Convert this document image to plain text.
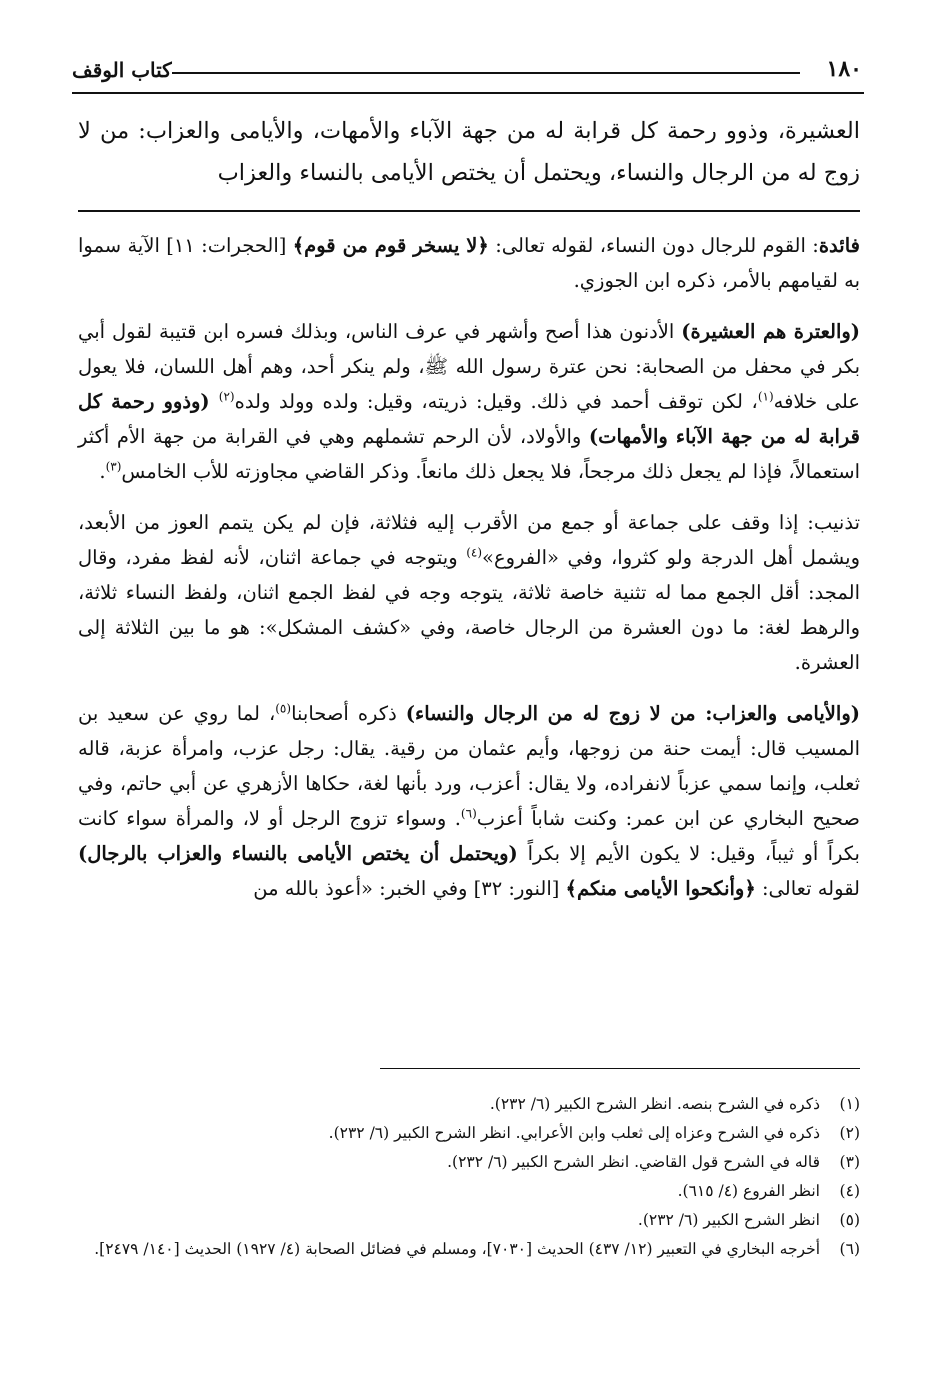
١٨٠
كتاب الوقف
العشيرة، وذوو رحمة كل قرابة له من جهة الآباء والأمهات، والأيامى والعزاب: من لا زوج له من الرجال والنساء، ويحتمل أن يختص الأيامى بالنساء والعزاب

فائدة: القوم للرجال دون النساء، لقوله تعالى: ﴿لا يسخر قوم من قوم﴾ [الحجرات: ١١] الآية سموا به لقيامهم بالأمر، ذكره ابن الجوزي.

(والعترة هم العشيرة) الأدنون هذا أصح وأشهر في عرف الناس، وبذلك فسره ابن قتيبة لقول أبي بكر في محفل من الصحابة: نحن عترة رسول الله ﷺ، ولم ينكر أحد، وهم أهل اللسان، فلا يعول على خلافه$^{(١)}$، لكن توقف أحمد في ذلك. وقيل: ذريته، وقيل: ولده وولد ولده$^{(٢)}$ (وذوو رحمة كل قرابة له من جهة الآباء والأمهات) والأولاد، لأن الرحم تشملهم وهي في القرابة من جهة الأم أكثر استعمالاً، فإذا لم يجعل ذلك مرجحاً، فلا يجعل ذلك مانعاً. وذكر القاضي مجاوزته للأب الخامس$^{(٣)}$.

تذنيب: إذا وقف على جماعة أو جمع من الأقرب إليه فثلاثة، فإن لم يكن يتمم العوز من الأبعد، ويشمل أهل الدرجة ولو كثروا، وفي «الفروع»$^{(٤)}$ ويتوجه في جماعة اثنان، لأنه لفظ مفرد، وقال المجد: أقل الجمع مما له تثنية خاصة ثلاثة، يتوجه وجه في لفظ الجمع اثنان، ولفظ النساء ثلاثة، والرهط لغة: ما دون العشرة من الرجال خاصة، وفي «كشف المشكل»: هو ما بين الثلاثة إلى العشرة.

(والأيامى والعزاب: من لا زوج له من الرجال والنساء) ذكره أصحابنا$^{(٥)}$، لما روي عن سعيد بن المسيب قال: أيمت حنة من زوجها، وأيم عثمان من رقية. يقال: رجل عزب، وامرأة عزبة، قاله ثعلب، وإنما سمي عزباً لانفراده، ولا يقال: أعزب، ورد بأنها لغة، حكاها الأزهري عن أبي حاتم، وفي صحيح البخاري عن ابن عمر: وكنت شاباً أعزب$^{(٦)}$. وسواء تزوج الرجل أو لا، والمرأة سواء كانت بكراً أو ثيباً، وقيل: لا يكون الأيم إلا بكراً (ويحتمل أن يختص الأيامى بالنساء والعزاب بالرجال) لقوله تعالى: ﴿وأنكحوا الأيامى منكم﴾ [النور: ٣٢] وفي الخبر: «أعوذ بالله من

(١)
ذكره في الشرح بنصه. انظر الشرح الكبير (٦/ ٢٣٢).
(٢)
ذكره في الشرح وعزاه إلى ثعلب وابن الأعرابي. انظر الشرح الكبير (٦/ ٢٣٢).
(٣)
قاله في الشرح قول القاضي. انظر الشرح الكبير (٦/ ٢٣٢).
(٤)
انظر الفروع (٤/ ٦١٥).
(٥)
انظر الشرح الكبير (٦/ ٢٣٢).
(٦)
أخرجه البخاري في التعبير (١٢/ ٤٣٧) الحديث [٧٠٣٠]، ومسلم في فضائل الصحابة (٤/ ١٩٢٧) الحديث [١٤٠/ ٢٤٧٩].
